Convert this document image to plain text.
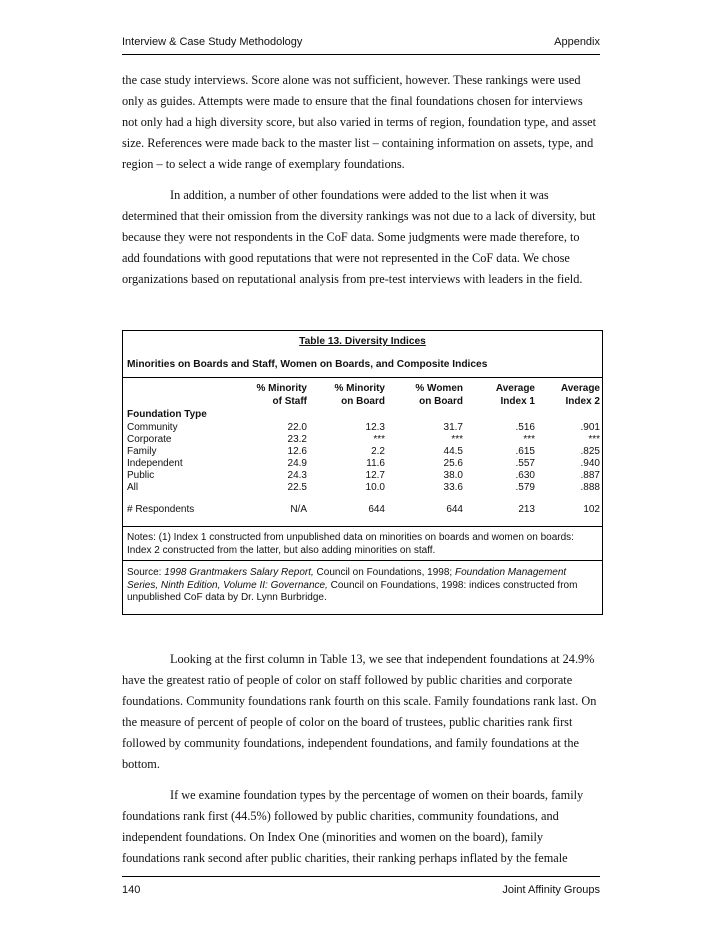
Interview & Case Study Methodology	Appendix

the case study interviews. Score alone was not sufficient, however. These rankings were used only as guides. Attempts were made to ensure that the final foundations chosen for interviews not only had a high diversity score, but also varied in terms of region, foundation type, and asset size. References were made back to the master list – containing information on assets, type, and region – to select a wide range of exemplary foundations.

In addition, a number of other foundations were added to the list when it was determined that their omission from the diversity rankings was not due to a lack of diversity, but because they were not respondents in the CoF data. Some judgments were made therefore, to add foundations with good reputations that were not represented in the CoF data. We chose organizations based on reputational analysis from pre-test interviews with leaders in the field.

Table 13. Diversity Indices
Minorities on Boards and Staff, Women on Boards, and Composite Indices
% Minority	% Minority	% Women	Average	Average
of Staff	on Board	on Board	Index 1	Index 2
Foundation Type
Community	22.0	12.3	31.7	.516	.901
Corporate	23.2	***	***	***	***
Family	12.6	2.2	44.5	.615	.825
Independent	24.9	11.6	25.6	.557	.940
Public	24.3	12.7	38.0	.630	.887
All	22.5	10.0	33.6	.579	.888
# Respondents	N/A	644	644	213	102
Notes: (1) Index 1 constructed from unpublished data on minorities on boards and women on boards: Index 2 constructed from the latter, but also adding minorities on staff.
Source: 1998 Grantmakers Salary Report, Council on Foundations, 1998; Foundation Management Series, Ninth Edition, Volume II: Governance, Council on Foundations, 1998: indices constructed from unpublished CoF data by Dr. Lynn Burbridge.

Looking at the first column in Table 13, we see that independent foundations at 24.9% have the greatest ratio of people of color on staff followed by public charities and corporate foundations. Community foundations rank fourth on this scale. Family foundations rank last. On the measure of percent of people of color on the board of trustees, public charities rank first followed by community foundations, independent foundations, and family foundations at the bottom.

If we examine foundation types by the percentage of women on their boards, family foundations rank first (44.5%) followed by public charities, community foundations, and independent foundations. On Index One (minorities and women on the board), family foundations rank second after public charities, their ranking perhaps inflated by the female

140	Joint Affinity Groups
